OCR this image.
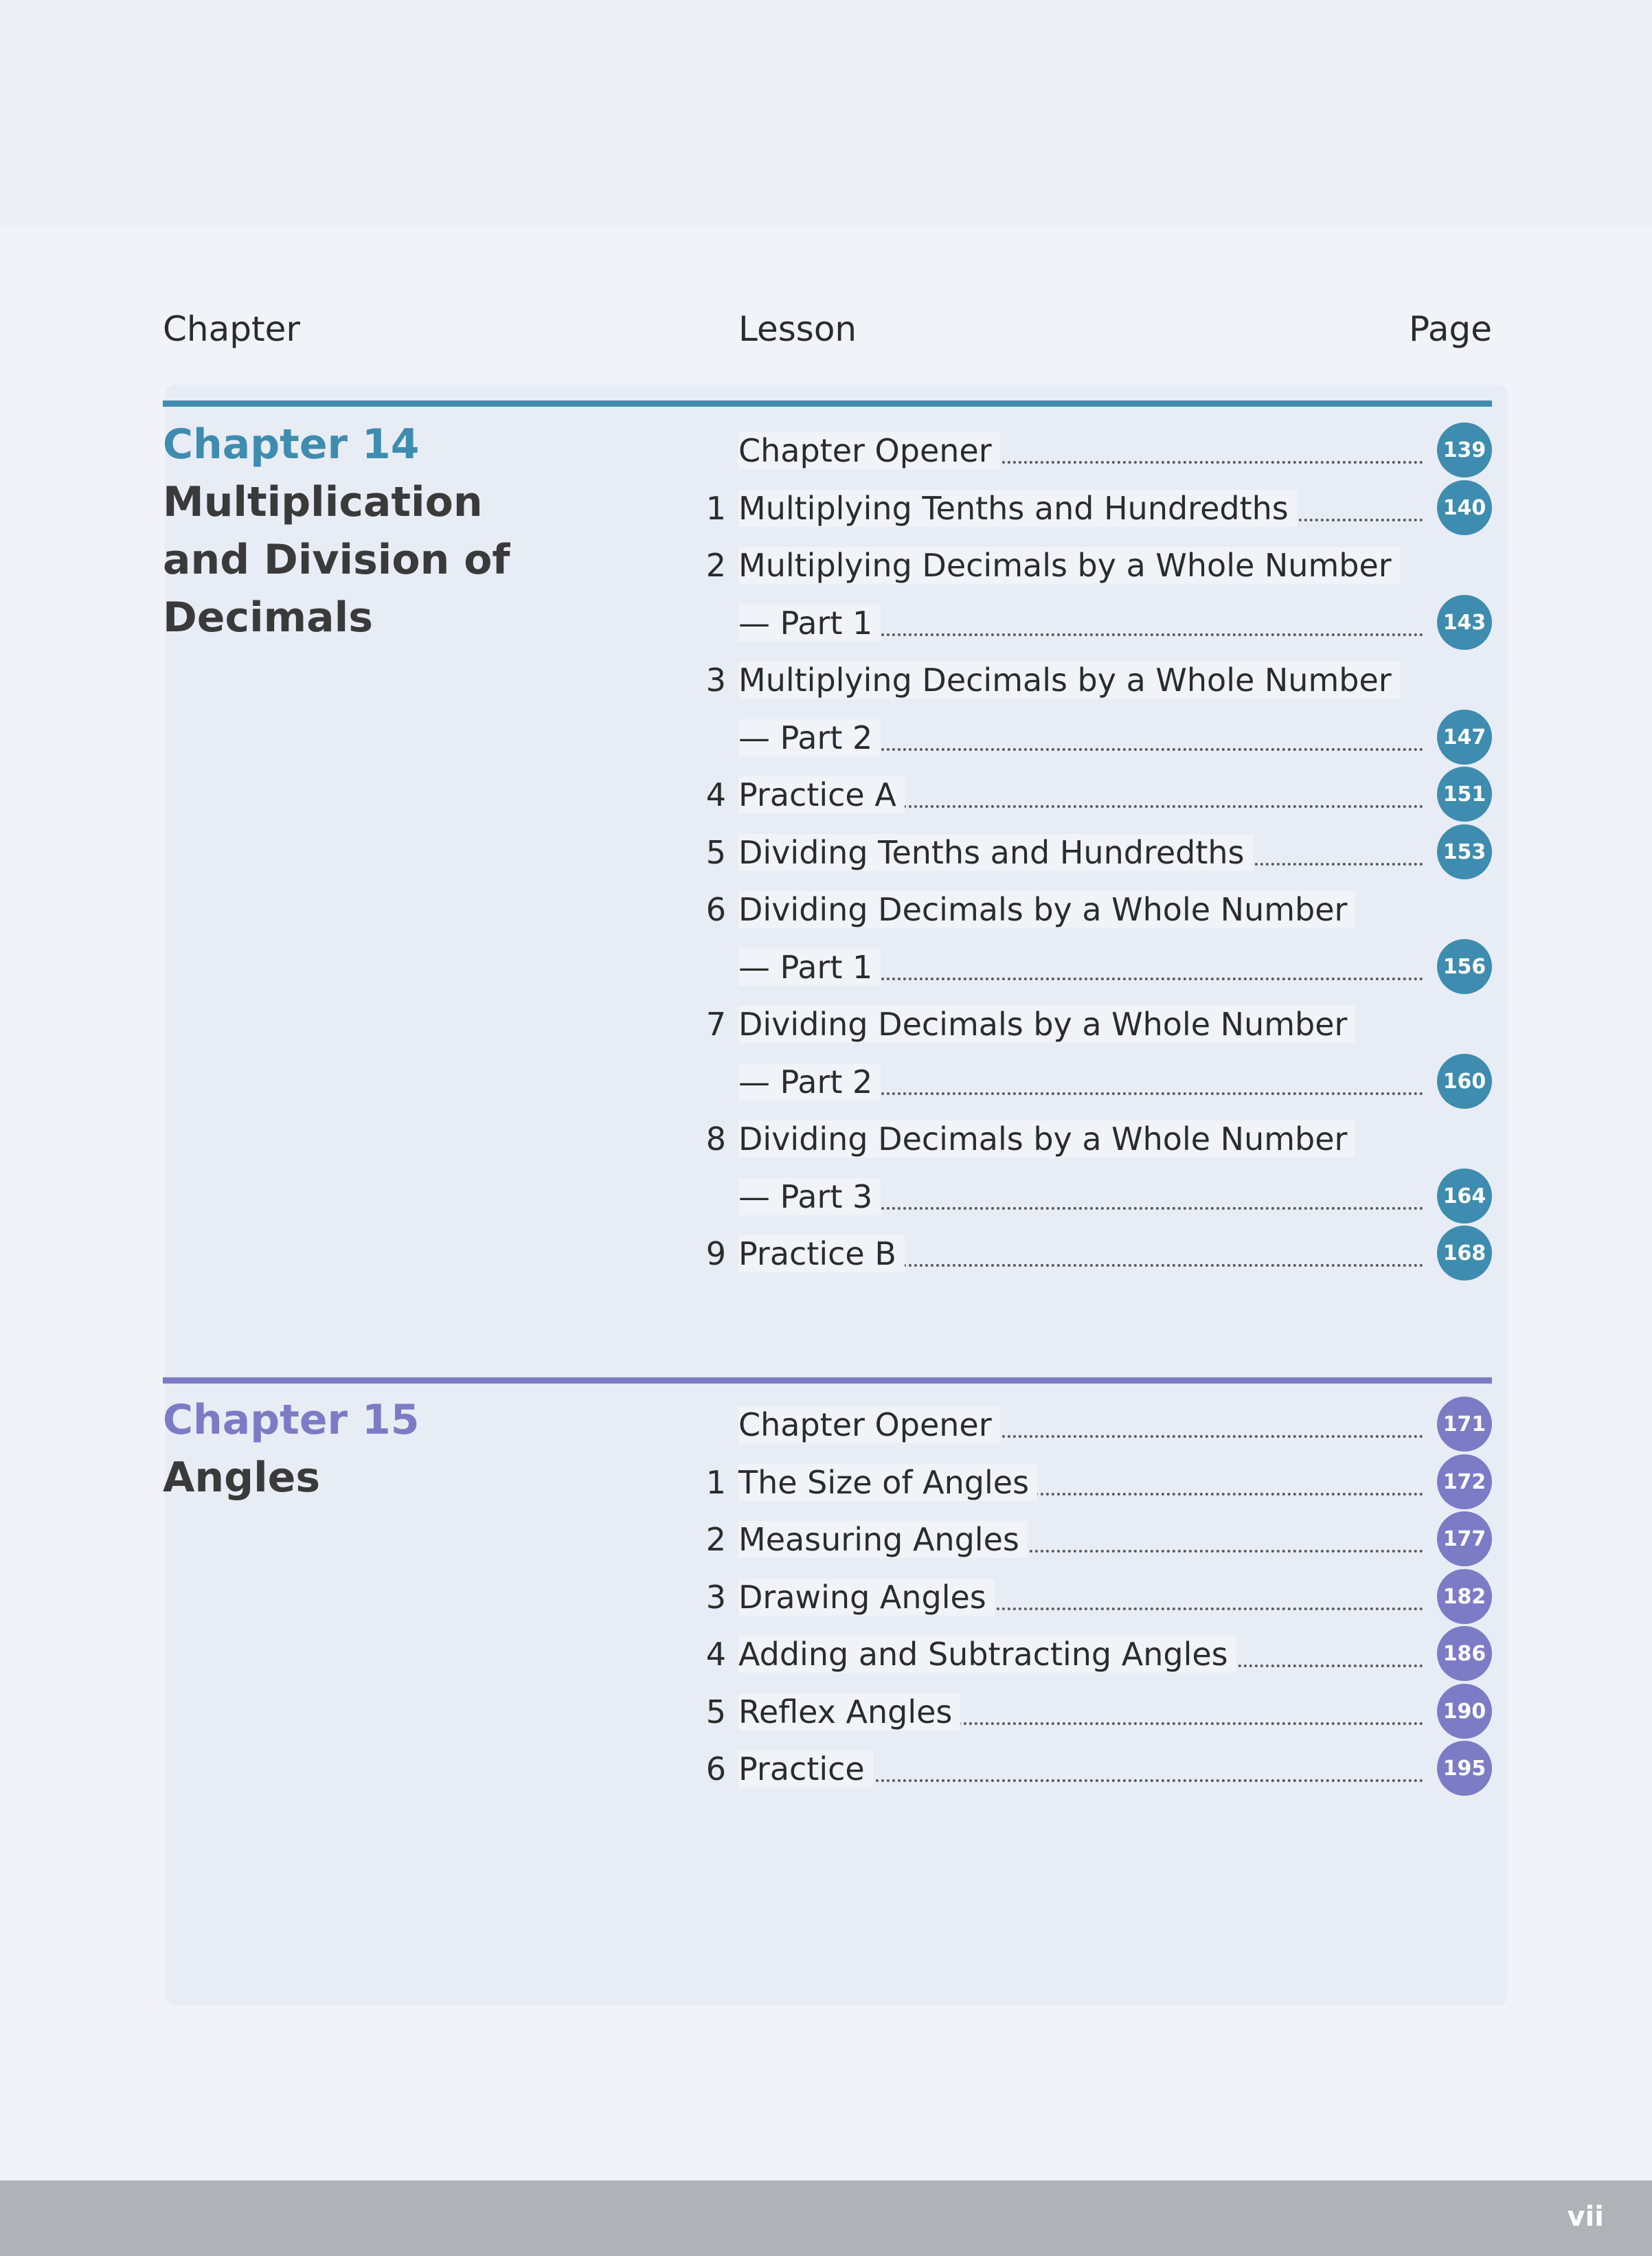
Chapter	Lesson	Page
Chapter 14
Multiplication
and Division of
Decimals
Chapter Opener	139
1 Multiplying Tenths and Hundredths	140
2 Multiplying Decimals by a Whole Number
— Part 1	143
3 Multiplying Decimals by a Whole Number
— Part 2	147
4 Practice A	151
5 Dividing Tenths and Hundredths	153
6 Dividing Decimals by a Whole Number
— Part 1	156
7 Dividing Decimals by a Whole Number
— Part 2	160
8 Dividing Decimals by a Whole Number
— Part 3	164
9 Practice B	168
Chapter 15
Angles
Chapter Opener	171
1 The Size of Angles	172
2 Measuring Angles	177
3 Drawing Angles	182
4 Adding and Subtracting Angles	186
5 Reflex Angles	190
6 Practice	195
vii
